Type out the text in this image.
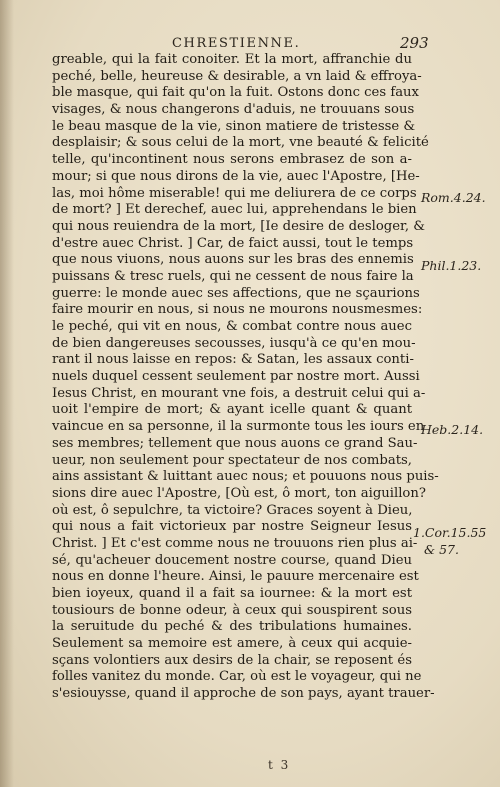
CHRESTIENNE.	293
greable, qui la fait conoiter. Et la mort, affranchie du
peché, belle, heureuse & desirable, a vn laid & effroya-
ble masque, qui fait qu'on la fuit. Ostons donc ces faux
visages, & nous changerons d'aduis, ne trouuans sous
le beau masque de la vie, sinon matiere de tristesse &
desplaisir; & sous celui de la mort, vne beauté & felicité
telle, qu'incontinent nous serons embrasez de son a-
mour; si que nous dirons de la vie, auec l'Apostre, [He-
las, moi hôme miserable! qui me deliurera de ce corps
de mort? ] Et derechef, auec lui, apprehendans le bien
qui nous reuiendra de la mort, [Ie desire de desloger, &
d'estre auec Christ. ] Car, de faict aussi, tout le temps
que nous viuons, nous auons sur les bras des ennemis
puissans & tresc ruels, qui ne cessent de nous faire la
guerre: le monde auec ses affections, que ne sçaurions
faire mourir en nous, si nous ne mourons nousmesmes:
le peché, qui vit en nous, & combat contre nous auec
de bien dangereuses secousses, iusqu'à ce qu'en mou-
rant il nous laisse en repos: & Satan, les assaux conti-
nuels duquel cessent seulement par nostre mort. Aussi
Iesus Christ, en mourant vne fois, a destruit celui qui a-
uoit l'empire de mort; & ayant icelle quant & quant
vaincue en sa personne, il la surmonte tous les iours en
ses membres; tellement que nous auons ce grand Sau-
ueur, non seulement pour spectateur de nos combats,
ains assistant & luittant auec nous; et pouuons nous puis-
sions dire auec l'Apostre, [Où est, ô mort, ton aiguillon?
où est, ô sepulchre, ta victoire? Graces soyent à Dieu,
qui nous a fait victorieux par nostre Seigneur Iesus
Christ. ] Et c'est comme nous ne trouuons rien plus ai-
sé, qu'acheuer doucement nostre course, quand Dieu
nous en donne l'heure. Ainsi, le pauure mercenaire est
bien ioyeux, quand il a fait sa iournee: & la mort est
tousiours de bonne odeur, à ceux qui souspirent sous
la seruitude du peché & des tribulations humaines.
Seulement sa memoire est amere, à ceux qui acquie-
sçans volontiers aux desirs de la chair, se reposent és
folles vanitez du monde. Car, où est le voyageur, qui ne
s'esiouysse, quand il approche de son pays, ayant trauer-
Rom.4.24.
Phil.1.23.
Heb.2.14.
1.Cor.15.55
& 57.
t 3
